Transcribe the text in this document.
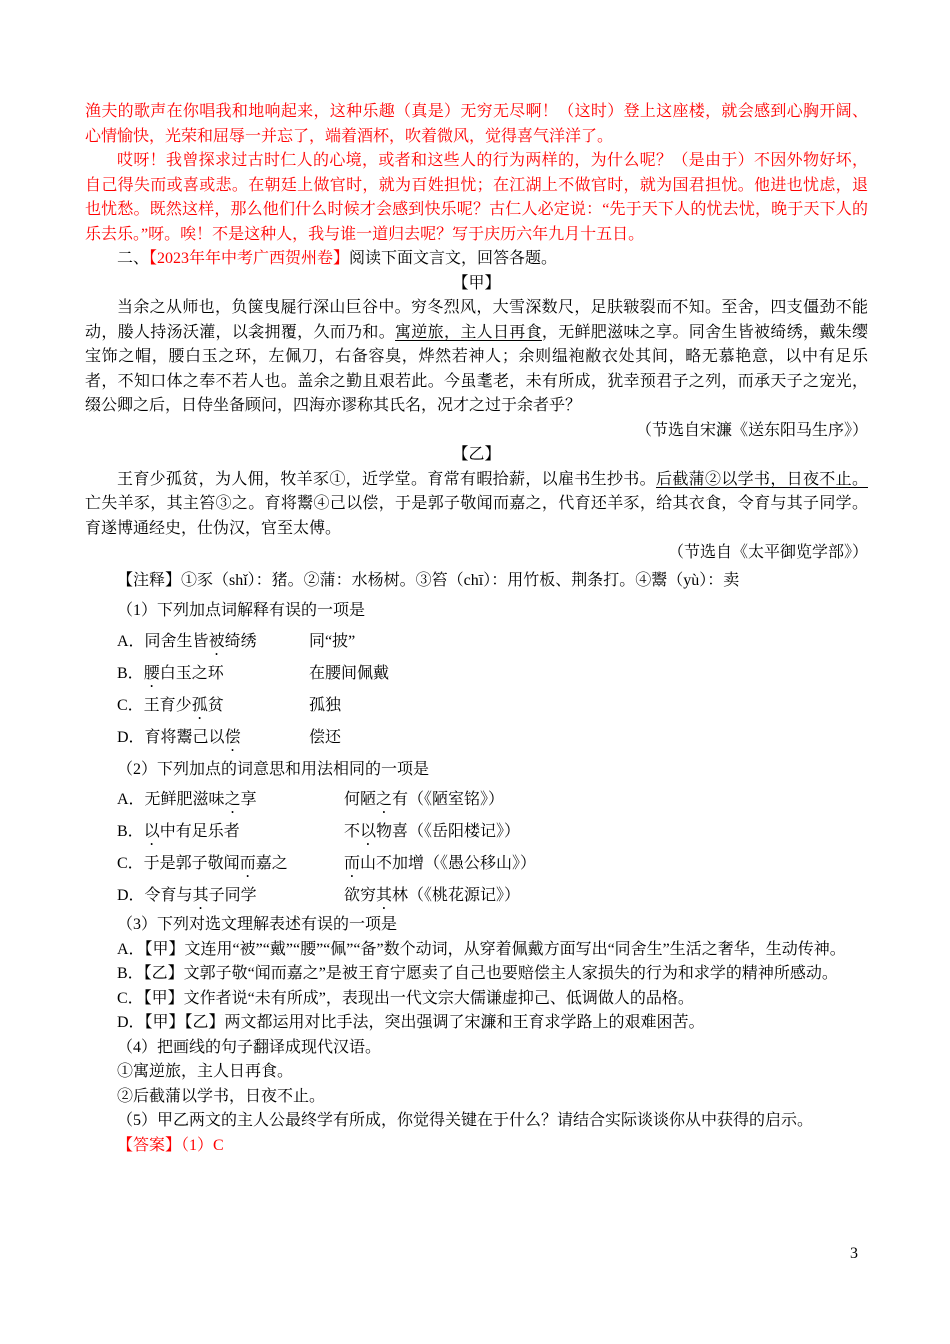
渔夫的歌声在你唱我和地响起来，这种乐趣（真是）无穷无尽啊！（这时）登上这座楼，就会感到心胸开阔、心情愉快，光荣和屈辱一并忘了，端着酒杯，吹着微风，觉得喜气洋洋了。

哎呀！我曾探求过古时仁人的心境，或者和这些人的行为两样的，为什么呢？（是由于）不因外物好坏，自己得失而或喜或悲。在朝廷上做官时，就为百姓担忧；在江湖上不做官时，就为国君担忧。他进也忧虑，退也忧愁。既然这样，那么他们什么时候才会感到快乐呢？古仁人必定说：“先于天下人的忧去忧，晚于天下人的乐去乐。”呀。唉！不是这种人，我与谁一道归去呢？写于庆历六年九月十五日。

二、【2023年年中考广西贺州卷】阅读下面文言文，回答各题。

【甲】

当余之从师也，负箧曳屣行深山巨谷中。穷冬烈风，大雪深数尺，足肤皲裂而不知。至舍，四支僵劲不能动，媵人持汤沃灌，以衾拥覆，久而乃和。寓逆旅，主人日再食，无鲜肥滋味之享。同舍生皆被绮绣，戴朱缨宝饰之帽，腰白玉之环，左佩刀，右备容臭，烨然若神人；余则缊袍敝衣处其间，略无慕艳意，以中有足乐者，不知口体之奉不若人也。盖余之勤且艰若此。今虽耄老，未有所成，犹幸预君子之列，而承天子之宠光，缀公卿之后，日侍坐备顾问，四海亦谬称其氏名，况才之过于余者乎？

（节选自宋濂《送东阳马生序》）

【乙】

王育少孤贫，为人佣，牧羊豕①，近学堂。育常有暇拾薪，以雇书生抄书。后截蒲②以学书，日夜不止。亡失羊豕，其主笞③之。育将鬻④己以偿，于是郭子敬闻而嘉之，代育还羊豕，给其衣食，令育与其子同学。育遂博通经史，仕伪汉，官至太傅。

（节选自《太平御览学部》）

【注释】①豕（shǐ）：猪。②蒲：水杨树。③笞（chī）：用竹板、荆条打。④鬻（yù）：卖

（1）下列加点词解释有误的一项是

A．同舍生皆被绮绣	同“披”

B．腰白玉之环	在腰间佩戴

C．王育少孤贫	孤独

D．育将鬻己以偿	偿还

（2）下列加点的词意思和用法相同的一项是

A．无鲜肥滋味之享	何陋之有（《陋室铭》）

B．以中有足乐者	不以物喜（《岳阳楼记》）

C．于是郭子敬闻而嘉之	而山不加增（《愚公移山》）

D．令育与其子同学	欲穷其林（《桃花源记》）

（3）下列对选文理解表述有误的一项是

A．【甲】文连用“被”“戴”“腰”“佩”“备”数个动词，从穿着佩戴方面写出“同舍生”生活之奢华，生动传神。

B．【乙】文郭子敬“闻而嘉之”是被王育宁愿卖了自己也要赔偿主人家损失的行为和求学的精神所感动。

C．【甲】文作者说“未有所成”，表现出一代文宗大儒谦虚抑己、低调做人的品格。

D．【甲】【乙】两文都运用对比手法，突出强调了宋濂和王育求学路上的艰难困苦。

（4）把画线的句子翻译成现代汉语。

①寓逆旅，主人日再食。

②后截蒲以学书，日夜不止。

（5）甲乙两文的主人公最终学有所成，你觉得关键在于什么？请结合实际谈谈你从中获得的启示。

【答案】（1）C

3
